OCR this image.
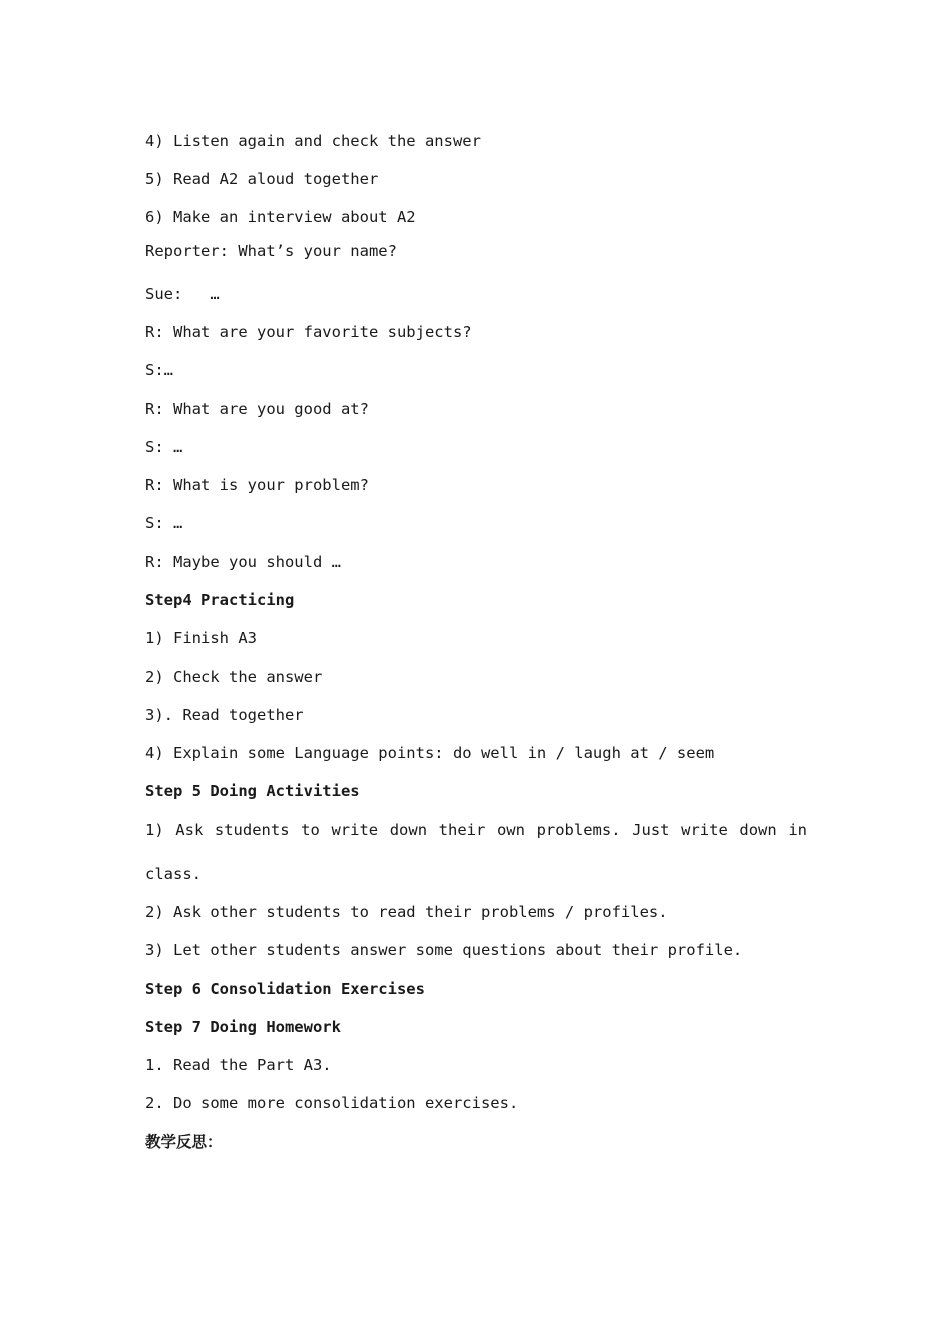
4) Listen again and check the answer
5) Read A2 aloud together
6) Make an interview about A2
Reporter: What’s your name?
Sue:   …
R: What are your favorite subjects?
S:…
R: What are you good at?
S: …
R: What is your problem?
S: …
R: Maybe you should …
Step4 Practicing
1) Finish A3
2) Check the answer
3). Read together
4) Explain some Language points: do well in / laugh at / seem
Step 5 Doing Activities
1) Ask students to write down their own problems. Just write down in
class.
2) Ask other students to read their problems / profiles.
3) Let other students answer some questions about their profile.
Step 6 Consolidation Exercises
Step 7 Doing Homework
1. Read the Part A3.
2. Do some more consolidation exercises.
教学反思：
